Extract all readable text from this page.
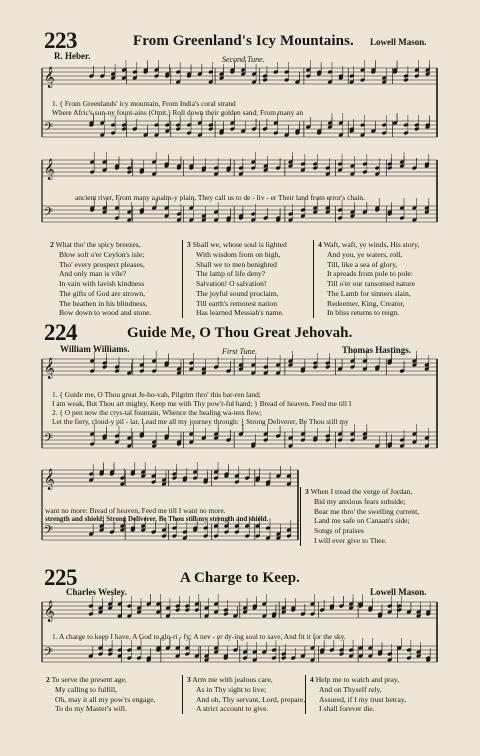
𝄞
𝄢
𝄞
𝄢
𝄞
𝄢
𝄞
𝄢
𝄞
𝄢
223	From Greenland's Icy Mountains. Lowell Mason.
R. Heber.	Second Tune.
1. { From Greenlands' icy mountain, From India's coral strand
Where Afric's sun-ny fount-ains (Omit.) Roll down their golden sand; From many an
ancient river, From many a palm-y plain, They call us to de - liv - er Their land from error's chain.
2 What tho' the spicy breezes,
Blow soft o'er Ceylon's isle;
Tho' every prospect pleases,
And only man is vile?
In vain with lavish kindness
The gifts of God are strown,
The heathen in his blindness,
Bow down to wood and stone.
3 Shall we, whose soul is lighted
With wisdom from on high,
Shall we to men benighted
The lamp of life deny?
Salvation! O salvation!
The joyful sound proclaim,
Till earth's remotest nation
Has learned Messiah's name.
4 Waft, waft, ye winds, His story,
And you, ye waters, roll,
Till, like a sea of glory,
It spreads from pole to pole:
Till o'er our ransomed nature
The Lamb for sinners slain,
Redeemer, King, Creator,
In bliss returns to reign.
224	Guide Me, O Thou Great Jehovah.
William Williams.	First Tune.	Thomas Hastings.
1. { Guide me, O Thou great Je-ho-vah, Pilgrim thro' this bar-ren land;
I am weak, But Thou art mighty, Keep me with Thy pow'r-ful hand; } Bread of heaven, Feed me till I
2. { O pen now the crys-tal fountain, Whence the healing wa-ters flow;
Let the fiery, cloud-y pil - lar, Lead me all my journey through: } Strong Deliverer, Be Thou still my
want no more: Bread of heaven, Feed me till I want no more.
strength and shield; Strong Deliverer, Be Thou still my strength and shield.
3 When I tread the verge of Jordan,
Bid my anxious fears subside;
Bear me thro' the swelling current,
Land me safe on Canaan's side;
Songs of praises
I will ever give to Thee.
225	A Charge to Keep.
Charles Wesley.	Lowell Mason.
1. A charge to keep I have, A God to glo-ri - fy; A nev - er dy-ing soul to save, And fit it for the sky.
2 To serve the present age,
My calling to fulfill,
Oh, may it all my pow'rs engage,
To do my Master's will.
3 Arm me with jealous care,
As in Thy sight to live;
And oh, Thy servant, Lord, prepare,
A strict account to give.
4 Help me to watch and pray,
And on Thyself rely,
Assured, if I my trust betray,
I shall forever die.
